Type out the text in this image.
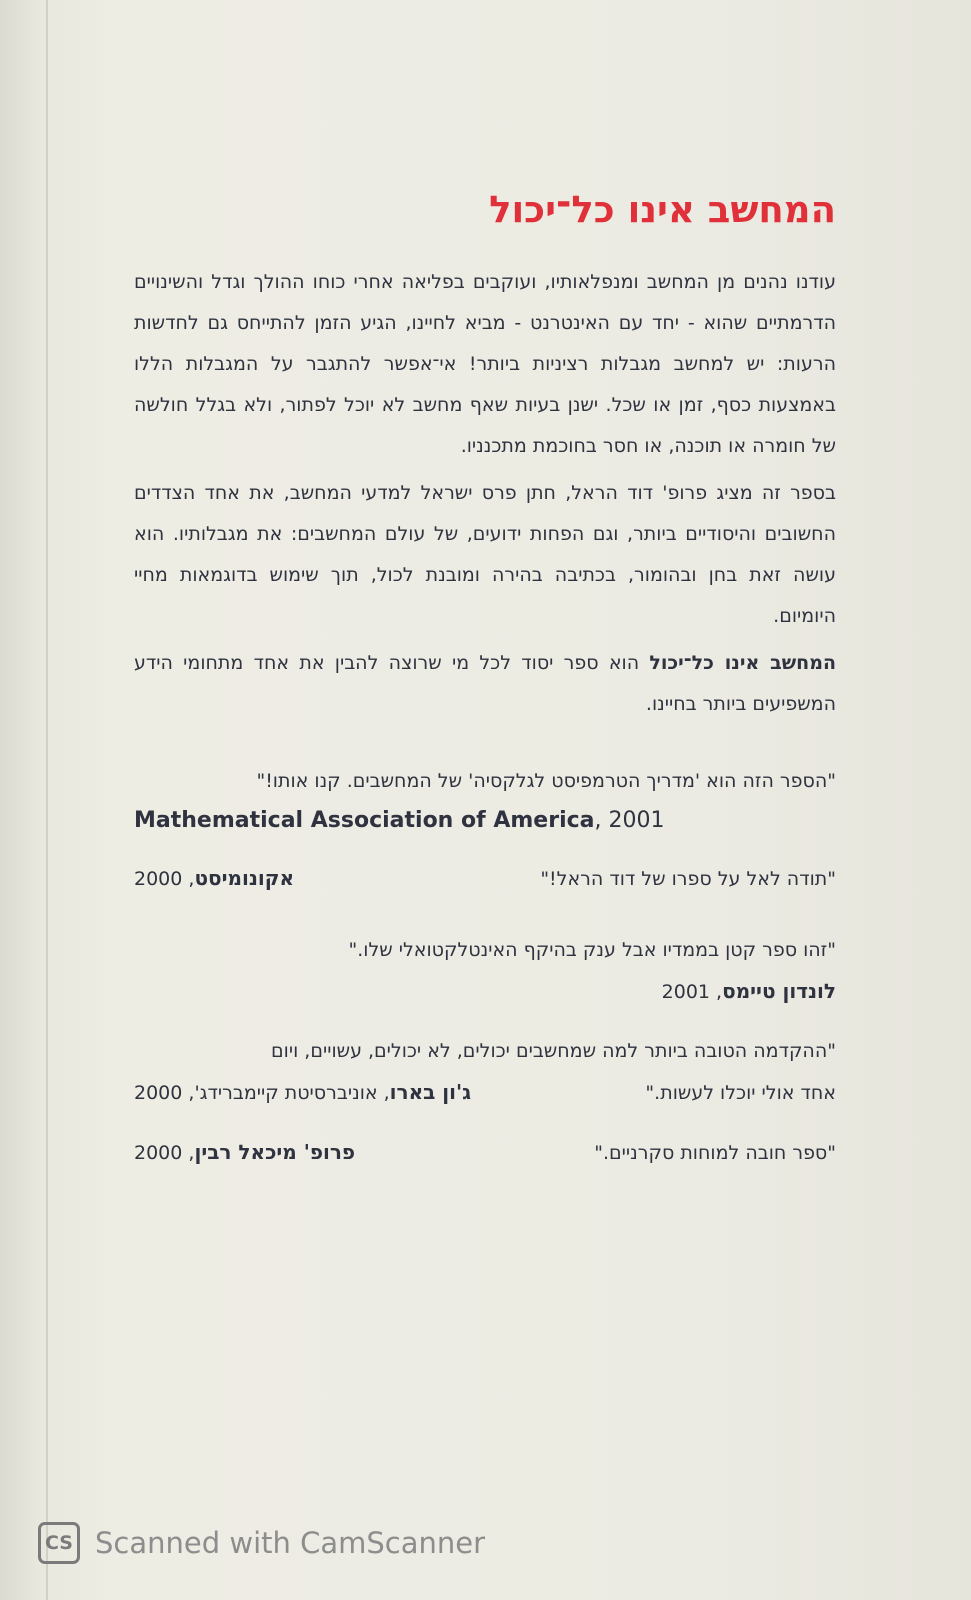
המחשב אינו כל־יכול

עודנו נהנים מן המחשב ומנפלאותיו, ועוקבים בפליאה אחרי כוחו ההולך וגדל והשינויים הדרמתיים שהוא - יחד עם האינטרנט - מביא לחיינו, הגיע הזמן להתייחס גם לחדשות הרעות: יש למחשב מגבלות רציניות ביותר! אי־אפשר להתגבר על המגבלות הללו באמצעות כסף, זמן או שכל. ישנן בעיות שאף מחשב לא יוכל לפתור, ולא בגלל חולשה של חומרה או תוכנה, או חסר בחוכמת מתכנניו.

בספר זה מציג פרופ' דוד הראל, חתן פרס ישראל למדעי המחשב, את אחד הצדדים החשובים והיסודיים ביותר, וגם הפחות ידועים, של עולם המחשבים: את מגבלותיו. הוא עושה זאת בחן ובהומור, בכתיבה בהירה ומובנת לכול, תוך שימוש בדוגמאות מחיי היומיום.

המחשב אינו כל־יכול הוא ספר יסוד לכל מי שרוצה להבין את אחד מתחומי הידע המשפיעים ביותר בחיינו.

"הספר הזה הוא 'מדריך הטרמפיסט לגלקסיה' של המחשבים. קנו אותו!"
Mathematical Association of America, 2001
"תודה לאל על ספרו של דוד הראל!"
אקונומיסט, 2000
"זהו ספר קטן בממדיו אבל ענק בהיקף האינטלקטואלי שלו."
לונדון טיימס, 2001
"ההקדמה הטובה ביותר למה שמחשבים יכולים, לא יכולים, עשויים, ויום
אחד אולי יוכלו לעשות."
ג'ון בארו, אוניברסיטת קיימברידג', 2000
"ספר חובה למוחות סקרניים."
פרופ' מיכאל רבין, 2000
CS Scanned with CamScanner
